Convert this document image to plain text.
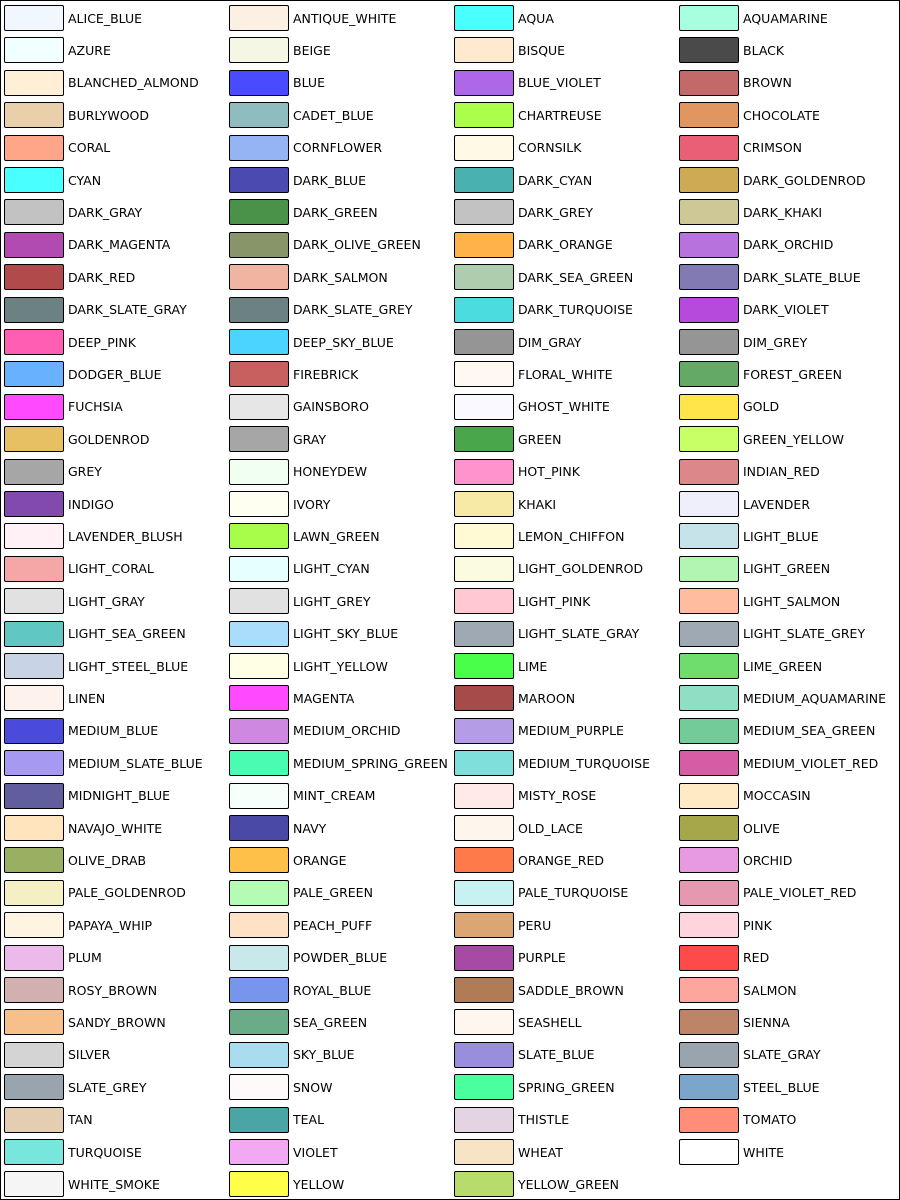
ALICE_BLUE	ANTIQUE_WHITE	AQUA	AQUAMARINE
AZURE	BEIGE	BISQUE	BLACK
BLANCHED_ALMOND	BLUE	BLUE_VIOLET	BROWN
BURLYWOOD	CADET_BLUE	CHARTREUSE	CHOCOLATE
CORAL	CORNFLOWER	CORNSILK	CRIMSON
CYAN	DARK_BLUE	DARK_CYAN	DARK_GOLDENROD
DARK_GRAY	DARK_GREEN	DARK_GREY	DARK_KHAKI
DARK_MAGENTA	DARK_OLIVE_GREEN	DARK_ORANGE	DARK_ORCHID
DARK_RED	DARK_SALMON	DARK_SEA_GREEN	DARK_SLATE_BLUE
DARK_SLATE_GRAY	DARK_SLATE_GREY	DARK_TURQUOISE	DARK_VIOLET
DEEP_PINK	DEEP_SKY_BLUE	DIM_GRAY	DIM_GREY
DODGER_BLUE	FIREBRICK	FLORAL_WHITE	FOREST_GREEN
FUCHSIA	GAINSBORO	GHOST_WHITE	GOLD
GOLDENROD	GRAY	GREEN	GREEN_YELLOW
GREY	HONEYDEW	HOT_PINK	INDIAN_RED
INDIGO	IVORY	KHAKI	LAVENDER
LAVENDER_BLUSH	LAWN_GREEN	LEMON_CHIFFON	LIGHT_BLUE
LIGHT_CORAL	LIGHT_CYAN	LIGHT_GOLDENROD	LIGHT_GREEN
LIGHT_GRAY	LIGHT_GREY	LIGHT_PINK	LIGHT_SALMON
LIGHT_SEA_GREEN	LIGHT_SKY_BLUE	LIGHT_SLATE_GRAY	LIGHT_SLATE_GREY
LIGHT_STEEL_BLUE	LIGHT_YELLOW	LIME	LIME_GREEN
LINEN	MAGENTA	MAROON	MEDIUM_AQUAMARINE
MEDIUM_BLUE	MEDIUM_ORCHID	MEDIUM_PURPLE	MEDIUM_SEA_GREEN
MEDIUM_SLATE_BLUE	MEDIUM_SPRING_GREEN	MEDIUM_TURQUOISE	MEDIUM_VIOLET_RED
MIDNIGHT_BLUE	MINT_CREAM	MISTY_ROSE	MOCCASIN
NAVAJO_WHITE	NAVY	OLD_LACE	OLIVE
OLIVE_DRAB	ORANGE	ORANGE_RED	ORCHID
PALE_GOLDENROD	PALE_GREEN	PALE_TURQUOISE	PALE_VIOLET_RED
PAPAYA_WHIP	PEACH_PUFF	PERU	PINK
PLUM	POWDER_BLUE	PURPLE	RED
ROSY_BROWN	ROYAL_BLUE	SADDLE_BROWN	SALMON
SANDY_BROWN	SEA_GREEN	SEASHELL	SIENNA
SILVER	SKY_BLUE	SLATE_BLUE	SLATE_GRAY
SLATE_GREY	SNOW	SPRING_GREEN	STEEL_BLUE
TAN	TEAL	THISTLE	TOMATO
TURQUOISE	VIOLET	WHEAT	WHITE
WHITE_SMOKE	YELLOW	YELLOW_GREEN
